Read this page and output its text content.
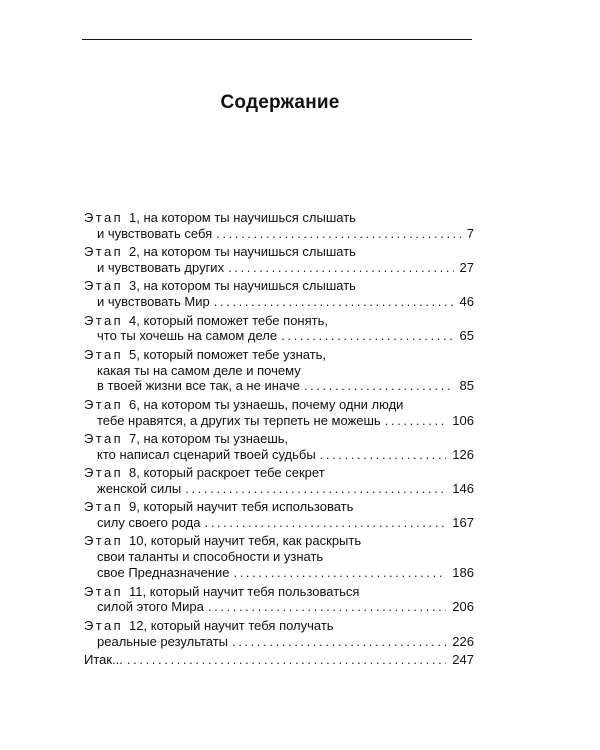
Содержание
Этап 1 , на котором ты научишься слышать
и чувствовать себя . . .	7
Этап 2 , на котором ты научишься слышать
и чувствовать других . . .	27
Этап 3 , на котором ты научишься слышать
и чувствовать Мир . . .	46
Этап 4 , который поможет тебе понять,
что ты хочешь на самом деле . . .	65
Этап 5 , который поможет тебе узнать,
какая ты на самом деле и почему
в твоей жизни все так, а не иначе . . .	85
Этап 6 , на котором ты узнаешь, почему одни люди
тебе нравятся, а других ты терпеть не можешь . . .	106
Этап 7 , на котором ты узнаешь,
кто написал сценарий твоей судьбы . . .	126
Этап 8 , который раскроет тебе секрет
женской силы . . .	146
Этап 9 , который научит тебя использовать
силу своего рода . . .	167
Этап 10 , который научит тебя, как раскрыть
свои таланты и способности и узнать
свое Предназначение . . .	186
Этап 11 , который научит тебя пользоваться
силой этого Мира . . .	206
Этап 12 , который научит тебя получать
реальные результаты . . .	226
Итак... . . .	247
